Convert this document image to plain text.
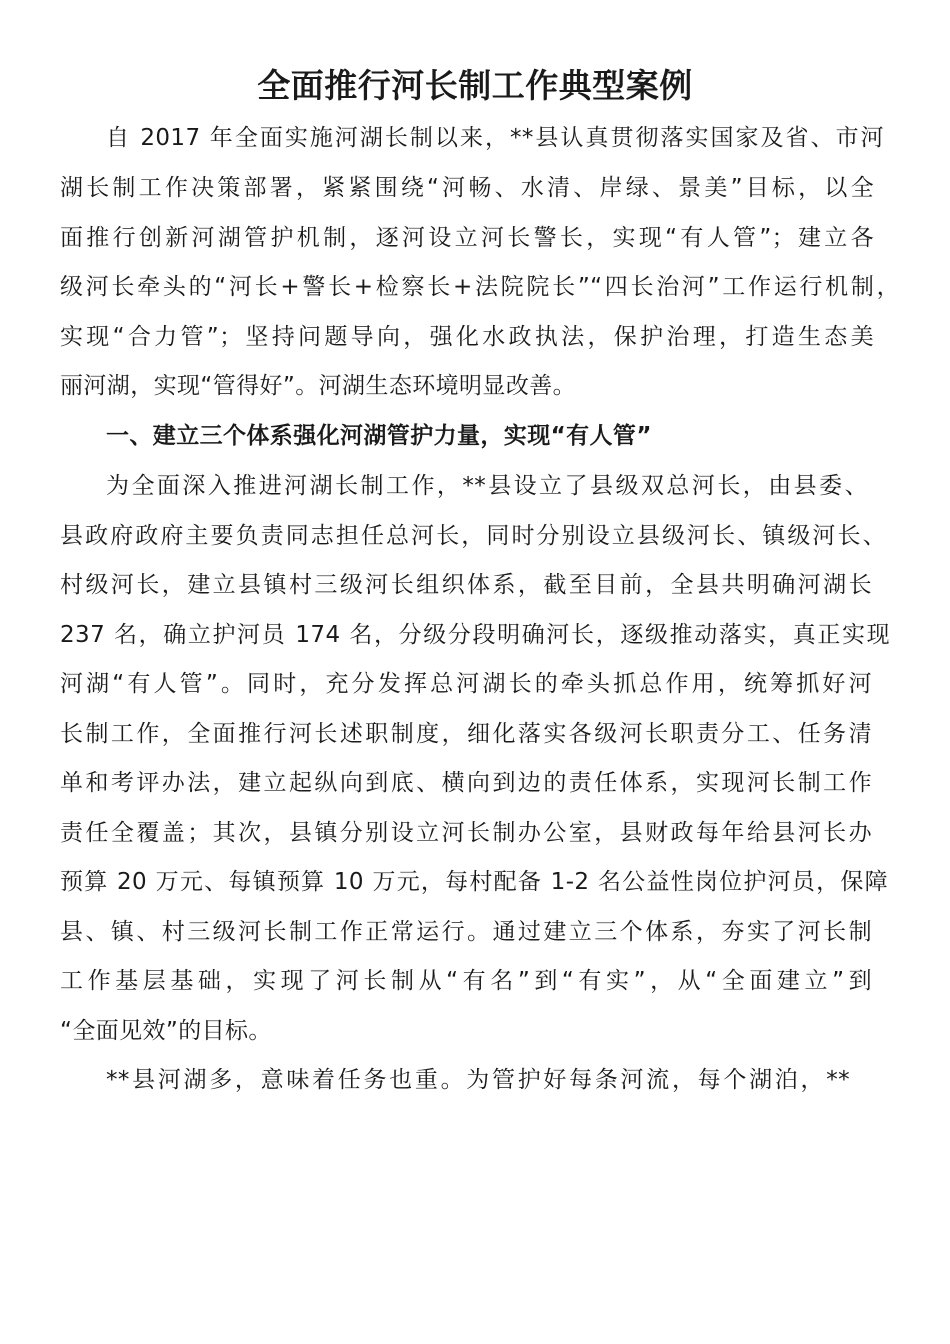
全面推行河长制工作典型案例

自 2017 年全面实施河湖长制以来，**县认真贯彻落实国家及省、市河

湖长制工作决策部署，紧紧围绕“河畅、水清、岸绿、景美”目标，以全

面推行创新河湖管护机制，逐河设立河长警长，实现“有人管”；建立各

级河长牵头的“河长+警长+检察长+法院院长”“四长治河”工作运行机制，

实现“合力管”；坚持问题导向，强化水政执法，保护治理，打造生态美

丽河湖，实现“管得好”。河湖生态环境明显改善。

一、建立三个体系强化河湖管护力量，实现“有人管”

为全面深入推进河湖长制工作，**县设立了县级双总河长，由县委、

县政府政府主要负责同志担任总河长，同时分别设立县级河长、镇级河长、

村级河长，建立县镇村三级河长组织体系，截至目前，全县共明确河湖长

237 名，确立护河员 174 名，分级分段明确河长，逐级推动落实，真正实现

河湖“有人管”。同时，充分发挥总河湖长的牵头抓总作用，统筹抓好河

长制工作，全面推行河长述职制度，细化落实各级河长职责分工、任务清

单和考评办法，建立起纵向到底、横向到边的责任体系，实现河长制工作

责任全覆盖；其次，县镇分别设立河长制办公室，县财政每年给县河长办

预算 20 万元、每镇预算 10 万元，每村配备 1-2 名公益性岗位护河员，保障

县、镇、村三级河长制工作正常运行。通过建立三个体系，夯实了河长制

工作基层基础，实现了河长制从“有名”到“有实”，从“全面建立”到

“全面见效”的目标。

**县河湖多，意味着任务也重。为管护好每条河流，每个湖泊，**
